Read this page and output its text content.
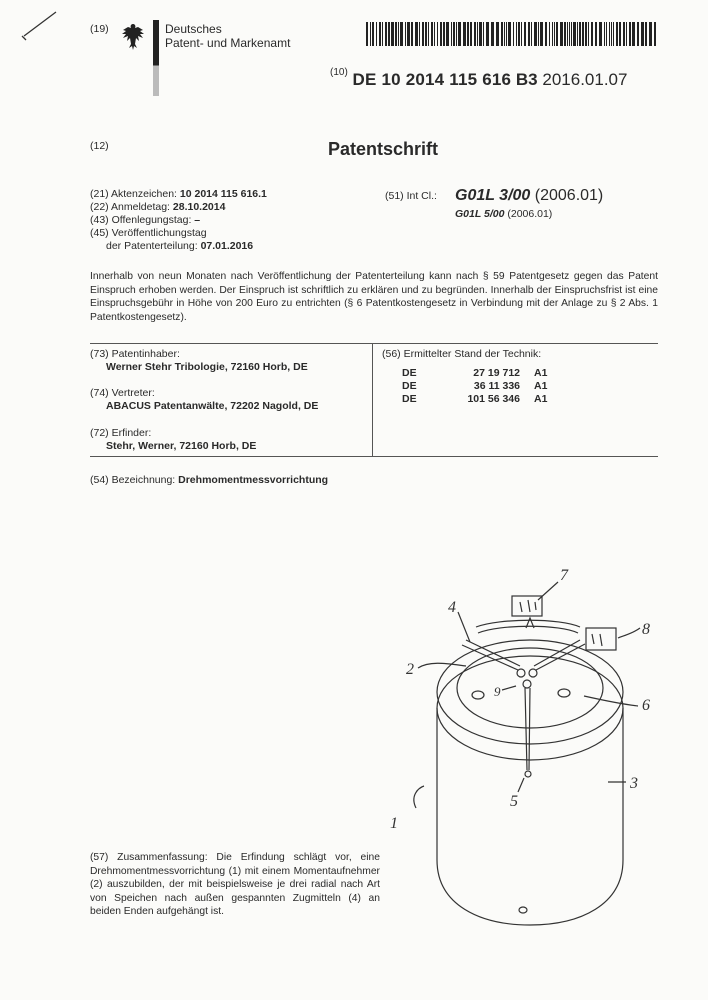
(19)	Deutsches
Patent- und Markenamt
$^{(10)}$ DE 10 2014 115 616 B3 2016.01.07
(12)	Patentschrift
(21) Aktenzeichen: 10 2014 115 616.1
(22) Anmeldetag: 28.10.2014
(43) Offenlegungstag: –
(45) Veröffentlichungstag
der Patenterteilung: 07.01.2016
(51) Int Cl.: G01L 3/00 (2006.01)
G01L 5/00 (2006.01)
Innerhalb von neun Monaten nach Veröffentlichung der Patenterteilung kann nach § 59 Patentgesetz gegen das Patent Einspruch erhoben werden. Der Einspruch ist schriftlich zu erklären und zu begründen. Innerhalb der Einspruchsfrist ist eine Einspruchsgebühr in Höhe von 200 Euro zu entrichten (§ 6 Patentkostengesetz in Verbindung mit der Anlage zu § 2 Abs. 1 Patentkostengesetz).
(73) Patentinhaber:
Werner Stehr Tribologie, 72160 Horb, DE
(74) Vertreter:
ABACUS Patentanwälte, 72202 Nagold, DE
(72) Erfinder:
Stehr, Werner, 72160 Horb, DE
(56) Ermittelter Stand der Technik:
DE	27 19 712	A1
DE	36 11 336	A1
DE	101 56 346	A1
(54) Bezeichnung: Drehmomentmessvorrichtung
(57) Zusammenfassung: Die Erfindung schlägt vor, eine Drehmomentmessvorrichtung (1) mit einem Momentaufnehmer (2) auszubilden, der mit beispielsweise je drei radial nach Art von Speichen nach außen gespannten Zugmitteln (4) an beiden Enden aufgehängt ist.
7
4
2
8
6
9
3
5
1
